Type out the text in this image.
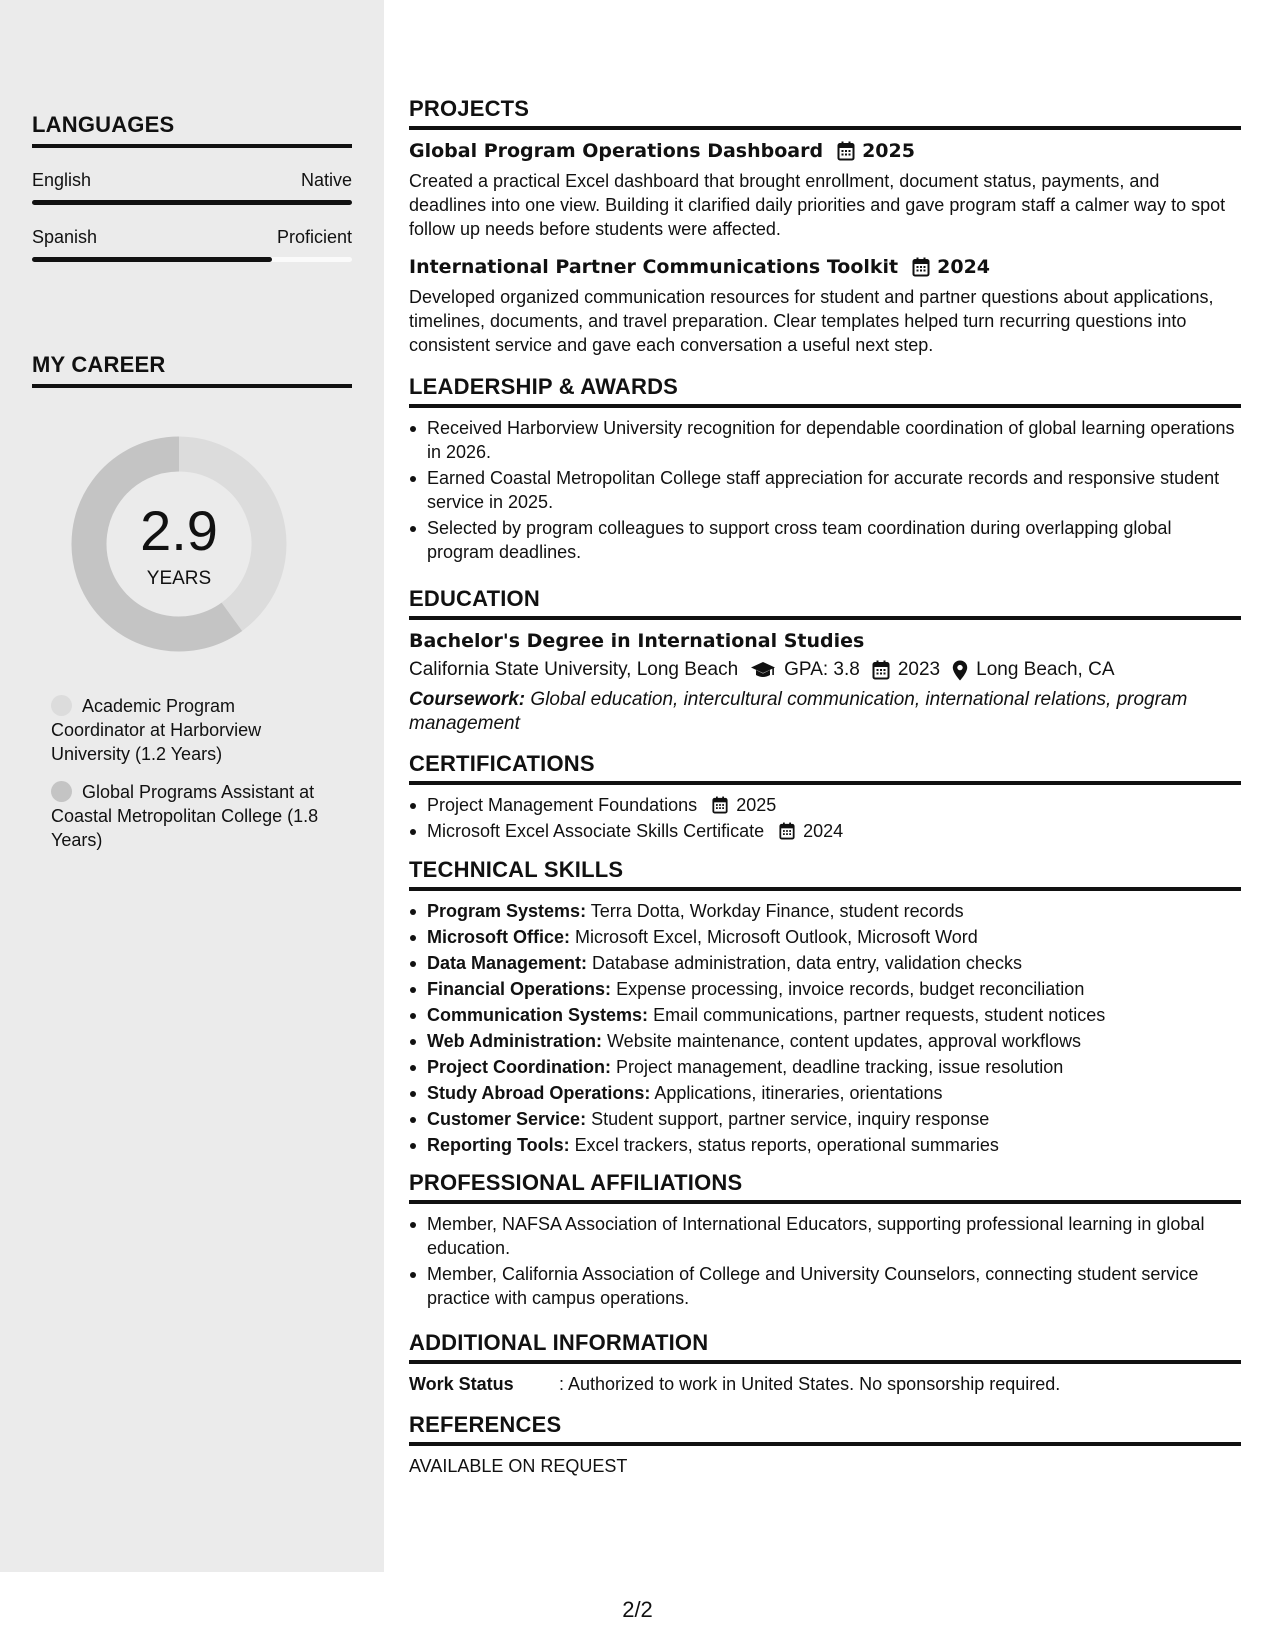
LANGUAGES
English	Native
Spanish	Proficient
MY CAREER
2.9
YEARS
Academic Program Coordinator at Harborview University (1.2 Years)
Global Programs Assistant at Coastal Metropolitan College (1.8 Years)
PROJECTS
Global Program Operations Dashboard 2025
Created a practical Excel dashboard that brought enrollment, document status, payments, and deadlines into one view. Building it clarified daily priorities and gave program staff a calmer way to spot follow up needs before students were affected.
International Partner Communications Toolkit 2024
Developed organized communication resources for student and partner questions about applications, timelines, documents, and travel preparation. Clear templates helped turn recurring questions into consistent service and gave each conversation a useful next step.
LEADERSHIP & AWARDS
Received Harborview University recognition for dependable coordination of global learning operations in 2026.
Earned Coastal Metropolitan College staff appreciation for accurate records and responsive student service in 2025.
Selected by program colleagues to support cross team coordination during overlapping global program deadlines.
EDUCATION
Bachelor's Degree in International Studies
California State University, Long Beach GPA: 3.8 2023 Long Beach, CA
Coursework: Global education, intercultural communication, international relations, program management
CERTIFICATIONS
Project Management Foundations 2025
Microsoft Excel Associate Skills Certificate 2024
TECHNICAL SKILLS
Program Systems: Terra Dotta, Workday Finance, student records
Microsoft Office: Microsoft Excel, Microsoft Outlook, Microsoft Word
Data Management: Database administration, data entry, validation checks
Financial Operations: Expense processing, invoice records, budget reconciliation
Communication Systems: Email communications, partner requests, student notices
Web Administration: Website maintenance, content updates, approval workflows
Project Coordination: Project management, deadline tracking, issue resolution
Study Abroad Operations: Applications, itineraries, orientations
Customer Service: Student support, partner service, inquiry response
Reporting Tools: Excel trackers, status reports, operational summaries
PROFESSIONAL AFFILIATIONS
Member, NAFSA Association of International Educators, supporting professional learning in global education.
Member, California Association of College and University Counselors, connecting student service practice with campus operations.
ADDITIONAL INFORMATION
Work Status	: Authorized to work in United States. No sponsorship required.
REFERENCES
AVAILABLE ON REQUEST
2/2
